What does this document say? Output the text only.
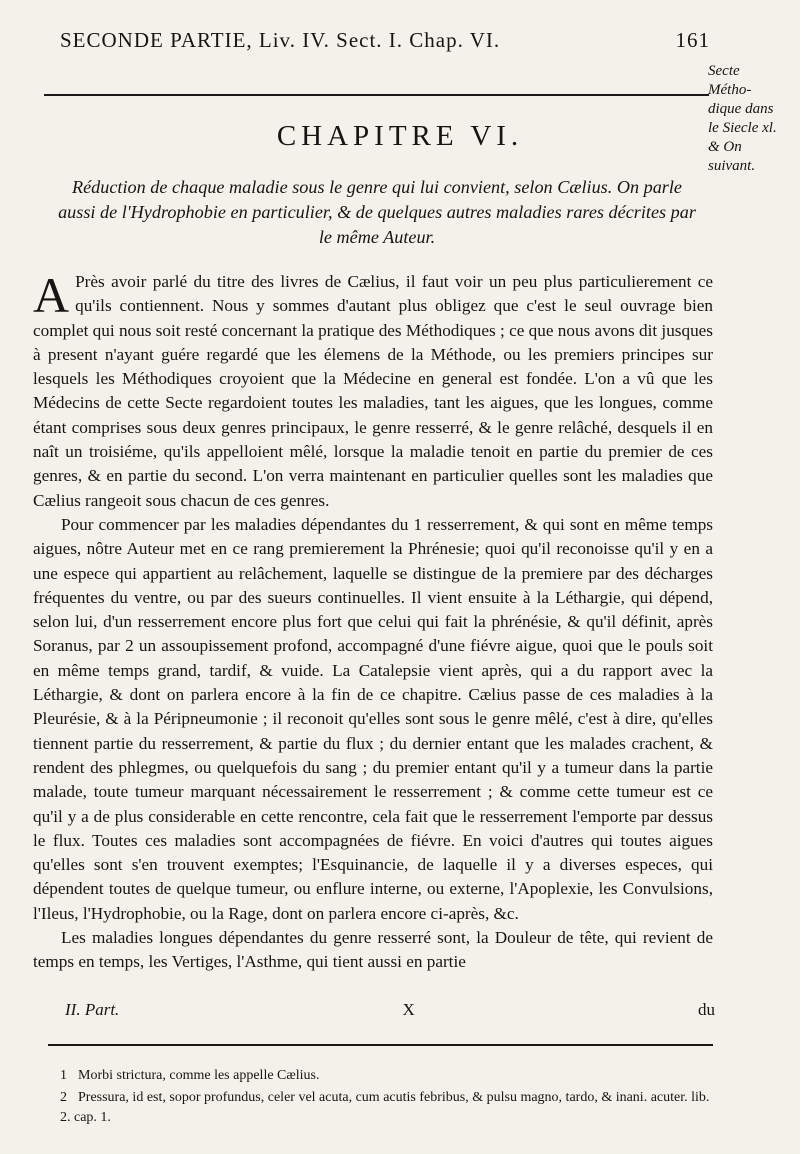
SECONDE PARTIE, Liv. IV. Sect. I. Chap. VI.	161
Secte Métho-dique dans le Siecle xl. & On suivant.
CHAPITRE VI.
Réduction de chaque maladie sous le genre qui lui convient, selon Cælius. On parle aussi de l'Hydrophobie en particulier, & de quelques autres maladies rares décrites par le même Auteur.

A Près avoir parlé du titre des livres de Cælius, il faut voir un peu plus particulierement ce qu'ils contiennent. Nous y sommes d'autant plus obligez que c'est le seul ouvrage bien complet qui nous soit resté concernant la pratique des Méthodiques ; ce que nous avons dit jusques à present n'ayant guére regardé que les élemens de la Méthode, ou les premiers principes sur lesquels les Méthodiques croyoient que la Médecine en general est fondée. L'on a vû que les Médecins de cette Secte regardoient toutes les maladies, tant les aigues, que les longues, comme étant comprises sous deux genres principaux, le genre resserré, & le genre relâché, desquels il en naît un troisiéme, qu'ils appelloient mêlé, lorsque la maladie tenoit en partie du premier de ces genres, & en partie du second. L'on verra maintenant en particulier quelles sont les maladies que Cælius rangeoit sous chacun de ces genres.

Pour commencer par les maladies dépendantes du 1 resserrement, & qui sont en même temps aigues, nôtre Auteur met en ce rang premierement la Phrénesie; quoi qu'il reconoisse qu'il y en a une espece qui appartient au relâchement, laquelle se distingue de la premiere par des décharges fréquentes du ventre, ou par des sueurs continuelles. Il vient ensuite à la Léthargie, qui dépend, selon lui, d'un resserrement encore plus fort que celui qui fait la phrénésie, & qu'il définit, après Soranus, par 2 un assoupissement profond, accompagné d'une fiévre aigue, quoi que le pouls soit en même temps grand, tardif, & vuide. La Catalepsie vient après, qui a du rapport avec la Léthargie, & dont on parlera encore à la fin de ce chapitre. Cælius passe de ces maladies à la Pleurésie, & à la Péripneumonie ; il reconoit qu'elles sont sous le genre mêlé, c'est à dire, qu'elles tiennent partie du resserrement, & partie du flux ; du dernier entant que les malades crachent, & rendent des phlegmes, ou quelquefois du sang ; du premier entant qu'il y a tumeur dans la partie malade, toute tumeur marquant nécessairement le resserrement ; & comme cette tumeur est ce qu'il y a de plus considerable en cette rencontre, cela fait que le resserrement l'emporte par dessus le flux. Toutes ces maladies sont accompagnées de fiévre. En voici d'autres qui toutes aigues qu'elles sont s'en trouvent exemptes; l'Esquinancie, de laquelle il y a diverses especes, qui dépendent toutes de quelque tumeur, ou enflure interne, ou externe, l'Apoplexie, les Convulsions, l'Ileus, l'Hydrophobie, ou la Rage, dont on parlera encore ci-après, &c.

Les maladies longues dépendantes du genre resserré sont, la Douleur de tête, qui revient de temps en temps, les Vertiges, l'Asthme, qui tient aussi en partie

II. Part.	X	du
1 Morbi strictura, comme les appelle Cælius.
2 Pressura, id est, sopor profundus, celer vel acuta, cum acutis febribus, & pulsu magno, tardo, & inani. acuter. lib. 2. cap. 1.
